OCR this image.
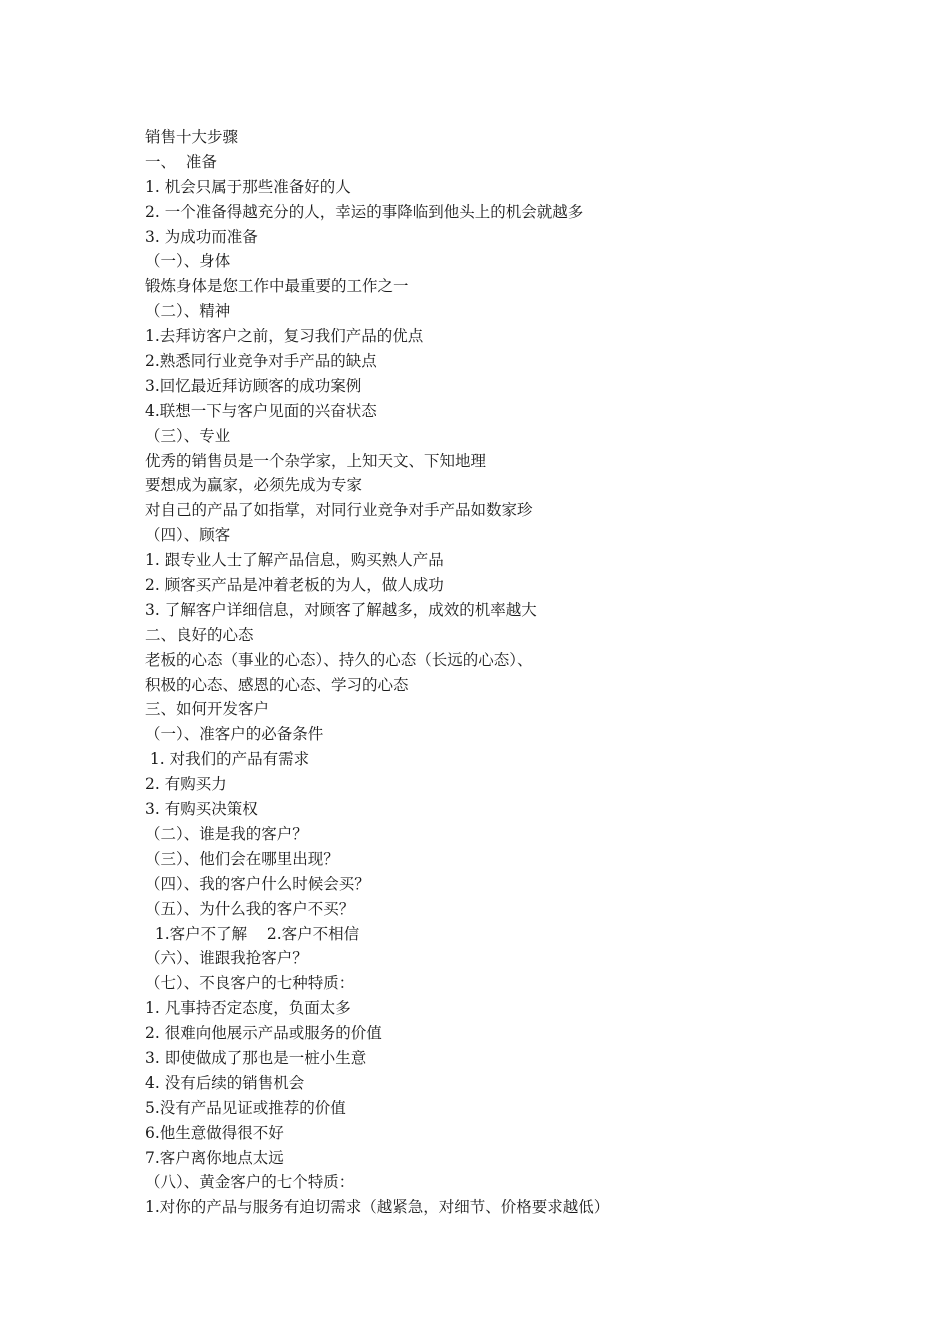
销售十大步骤
一、  准备
1. 机会只属于那些准备好的人
2. 一个准备得越充分的人，幸运的事降临到他头上的机会就越多
3. 为成功而准备
（一）、身体
锻炼身体是您工作中最重要的工作之一
（二）、精神
1.去拜访客户之前，复习我们产品的优点
2.熟悉同行业竞争对手产品的缺点
3.回忆最近拜访顾客的成功案例
4.联想一下与客户见面的兴奋状态
（三）、专业
优秀的销售员是一个杂学家，上知天文、下知地理
要想成为赢家，必须先成为专家
对自己的产品了如指掌，对同行业竞争对手产品如数家珍
（四）、顾客
1. 跟专业人士了解产品信息，购买熟人产品
2. 顾客买产品是冲着老板的为人，做人成功
3. 了解客户详细信息，对顾客了解越多，成效的机率越大
二、良好的心态
老板的心态（事业的心态）、持久的心态（长远的心态）、
积极的心态、感恩的心态、学习的心态
三、如何开发客户
（一）、准客户的必备条件
1. 对我们的产品有需求
2. 有购买力
3. 有购买决策权
（二）、谁是我的客户？
（三）、他们会在哪里出现？
（四）、我的客户什么时候会买？
（五）、为什么我的客户不买？
1.客户不了解    2.客户不相信
（六）、谁跟我抢客户？
（七）、不良客户的七种特质：
1. 凡事持否定态度，负面太多
2. 很难向他展示产品或服务的价值
3. 即使做成了那也是一桩小生意
4. 没有后续的销售机会
5.没有产品见证或推荐的价值
6.他生意做得很不好
7.客户离你地点太远
（八）、黄金客户的七个特质：
1.对你的产品与服务有迫切需求（越紧急，对细节、价格要求越低）
